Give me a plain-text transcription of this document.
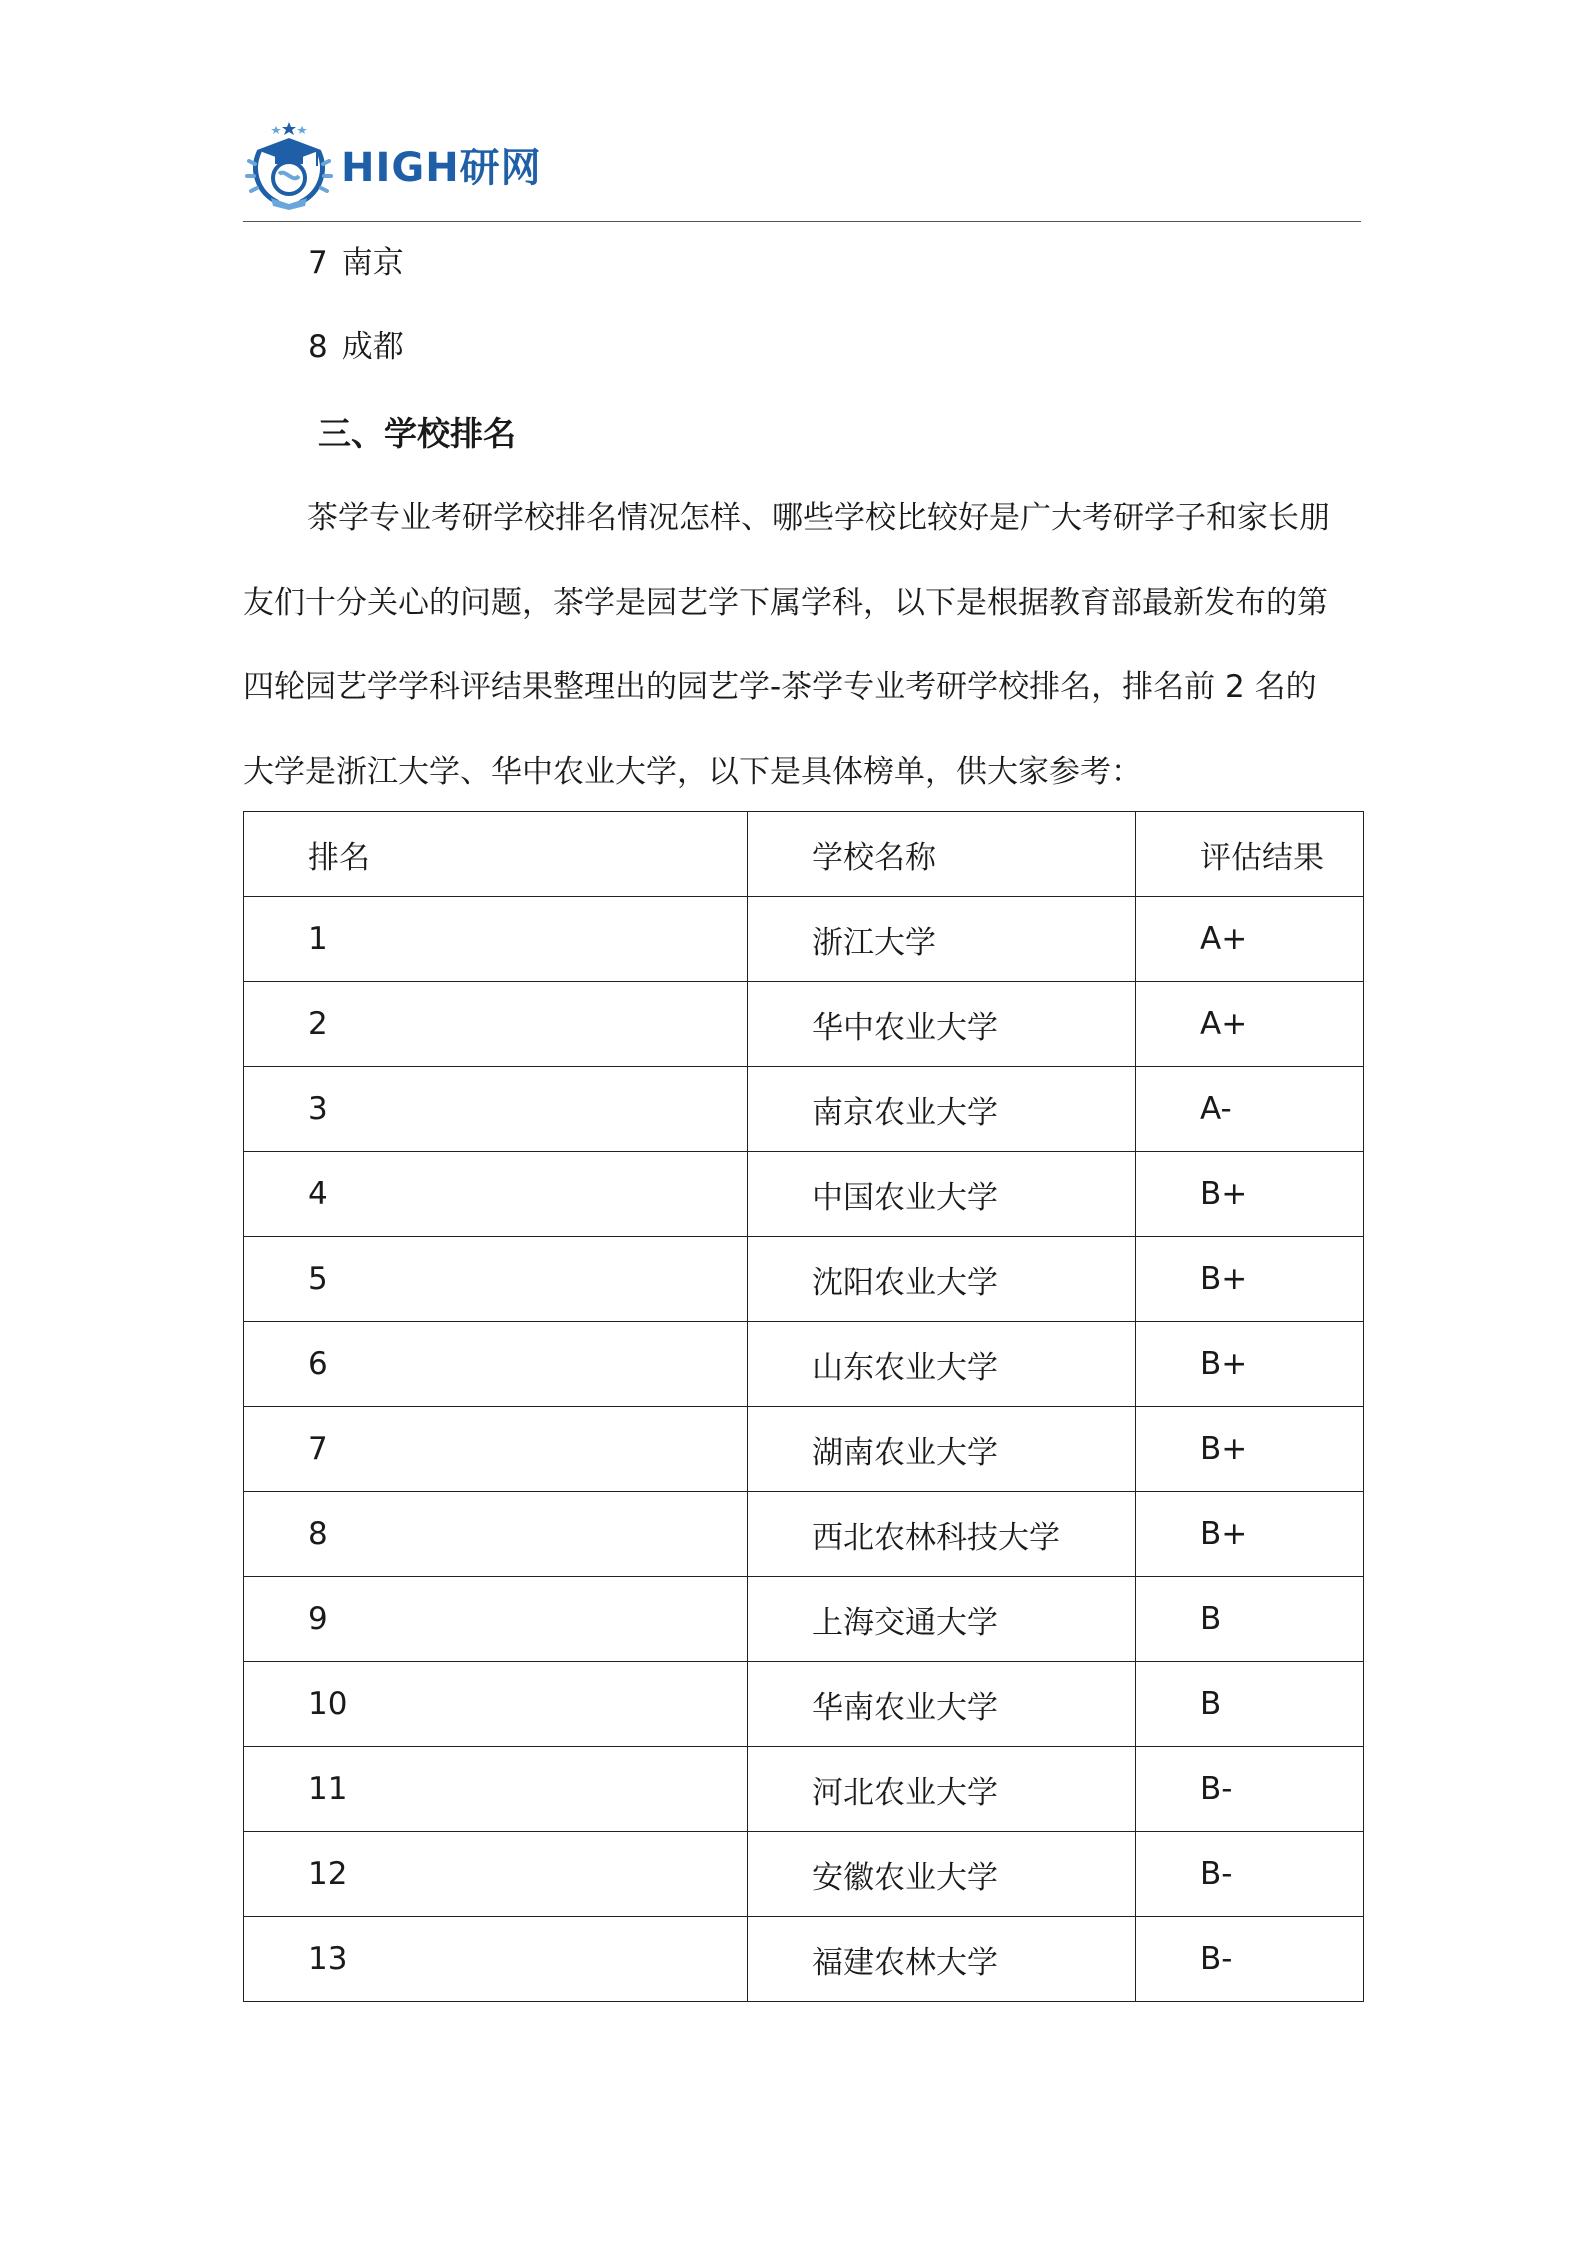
HIGH研网
7 南京
8 成都
三、学校排名
茶学专业考研学校排名情况怎样、哪些学校比较好是广大考研学子和家长朋
友们十分关心的问题，茶学是园艺学下属学科，以下是根据教育部最新发布的第
四轮园艺学学科评结果整理出的园艺学-茶学专业考研学校排名，排名前 2 名的
大学是浙江大学、华中农业大学，以下是具体榜单，供大家参考：
排名	学校名称	评估结果
1	浙江大学	A+
2	华中农业大学	A+
3	南京农业大学	A-
4	中国农业大学	B+
5	沈阳农业大学	B+
6	山东农业大学	B+
7	湖南农业大学	B+
8	西北农林科技大学	B+
9	上海交通大学	B
10	华南农业大学	B
11	河北农业大学	B-
12	安徽农业大学	B-
13	福建农林大学	B-
